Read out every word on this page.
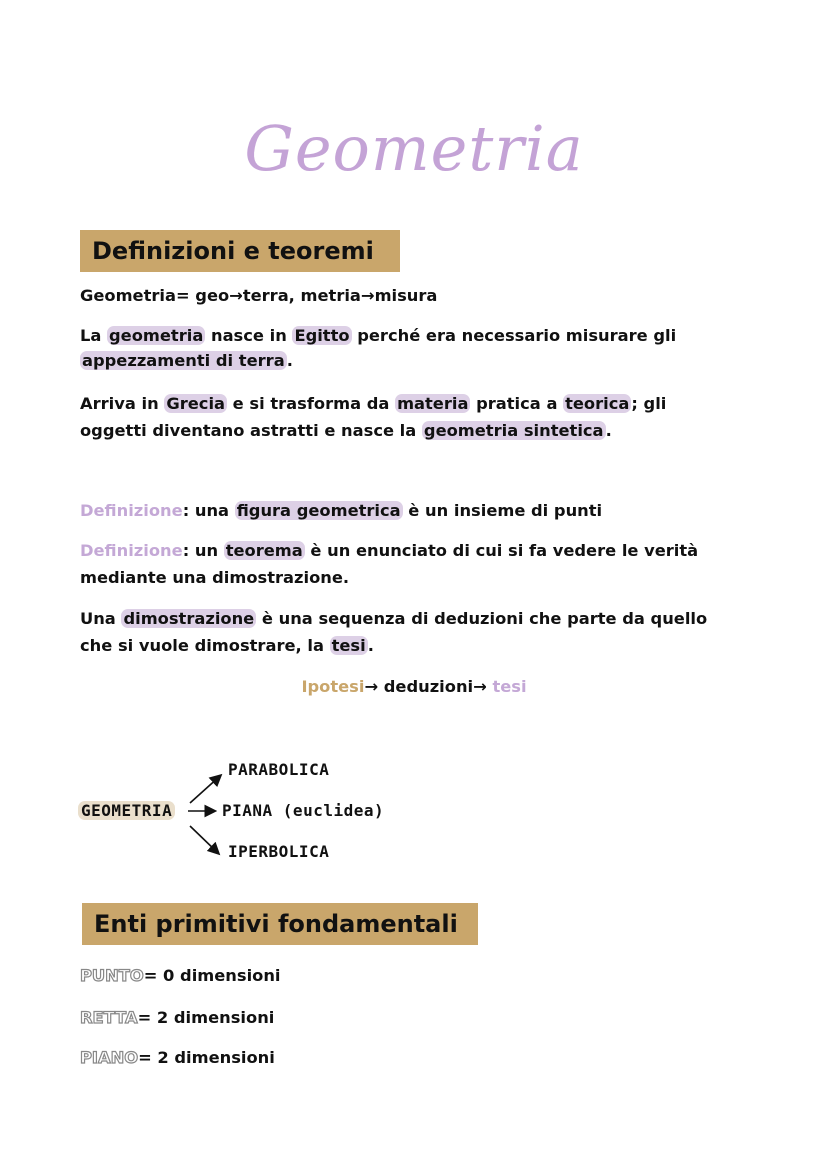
Geometria
Definizioni e teoremi
Geometria= geo→terra, metria→misura
La geometria nasce in Egitto perché era necessario misurare gli
appezzamenti di terra .
Arriva in Grecia e si trasforma da materia pratica a teorica ; gli
oggetti diventano astratti e nasce la geometria sintetica .
Definizione: una figura geometrica è un insieme di punti
Definizione: un teorema è un enunciato di cui si fa vedere le verità
mediante una dimostrazione.
Una dimostrazione è una sequenza di deduzioni che parte da quello
che si vuole dimostrare, la tesi .
Ipotesi→ deduzioni→ tesi
GEOMETRIA
PARABOLICA
PIANA (euclidea)
IPERBOLICA
Enti primitivi fondamentali
PUNTO= 0 dimensioni
RETTA= 2 dimensioni
PIANO= 2 dimensioni
